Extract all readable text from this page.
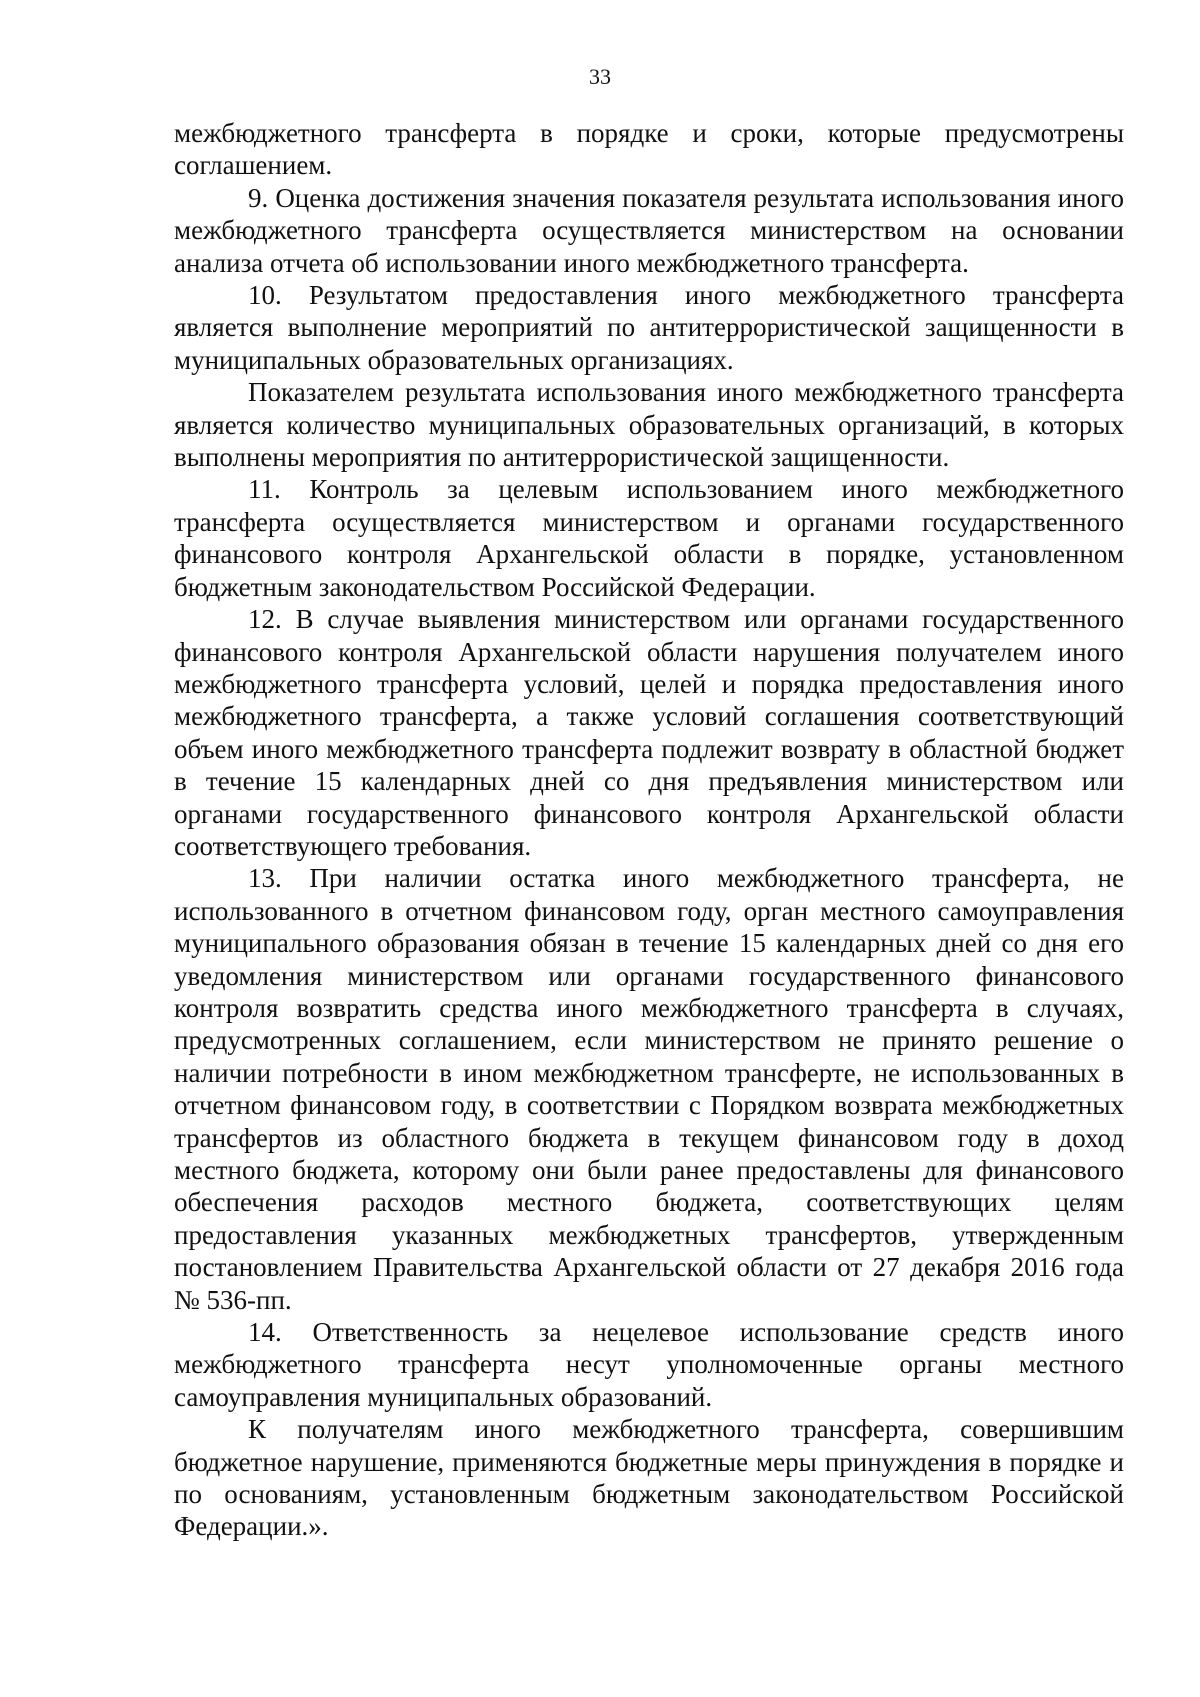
33

межбюджетного трансферта в порядке и сроки, которые предусмотрены соглашением.

9. Оценка достижения значения показателя результата использования иного межбюджетного трансферта осуществляется министерством на основании анализа отчета об использовании иного межбюджетного трансферта.

10. Результатом предоставления иного межбюджетного трансферта является выполнение мероприятий по антитеррористической защищенности в муниципальных образовательных организациях.

Показателем результата использования иного межбюджетного трансферта является количество муниципальных образовательных организаций, в которых выполнены мероприятия по антитеррористической защищенности.

11. Контроль за целевым использованием иного межбюджетного трансферта осуществляется министерством и органами государственного финансового контроля Архангельской области в порядке, установленном бюджетным законодательством Российской Федерации.

12. В случае выявления министерством или органами государственного финансового контроля Архангельской области нарушения получателем иного межбюджетного трансферта условий, целей и порядка предоставления иного межбюджетного трансферта, а также условий соглашения соответствующий объем иного межбюджетного трансферта подлежит возврату в областной бюджет в течение 15 календарных дней со дня предъявления министерством или органами государственного финансового контроля Архангельской области соответствующего требования.

13. При наличии остатка иного межбюджетного трансферта, не использованного в отчетном финансовом году, орган местного самоуправления муниципального образования обязан в течение 15 календарных дней со дня его уведомления министерством или органами государственного финансового контроля возвратить средства иного межбюджетного трансферта в случаях, предусмотренных соглашением, если министерством не принято решение о наличии потребности в ином межбюджетном трансферте, не использованных в отчетном финансовом году, в соответствии с Порядком возврата межбюджетных трансфертов из областного бюджета в текущем финансовом году в доход местного бюджета, которому они были ранее предоставлены для финансового обеспечения расходов местного бюджета, соответствующих целям предоставления указанных межбюджетных трансфертов, утвержденным постановлением Правительства Архангельской области от 27 декабря 2016 года № 536-пп.

14. Ответственность за нецелевое использование средств иного межбюджетного трансферта несут уполномоченные органы местного самоуправления муниципальных образований.

К получателям иного межбюджетного трансферта, совершившим бюджетное нарушение, применяются бюджетные меры принуждения в порядке и по основаниям, установленным бюджетным законодательством Российской Федерации.».
